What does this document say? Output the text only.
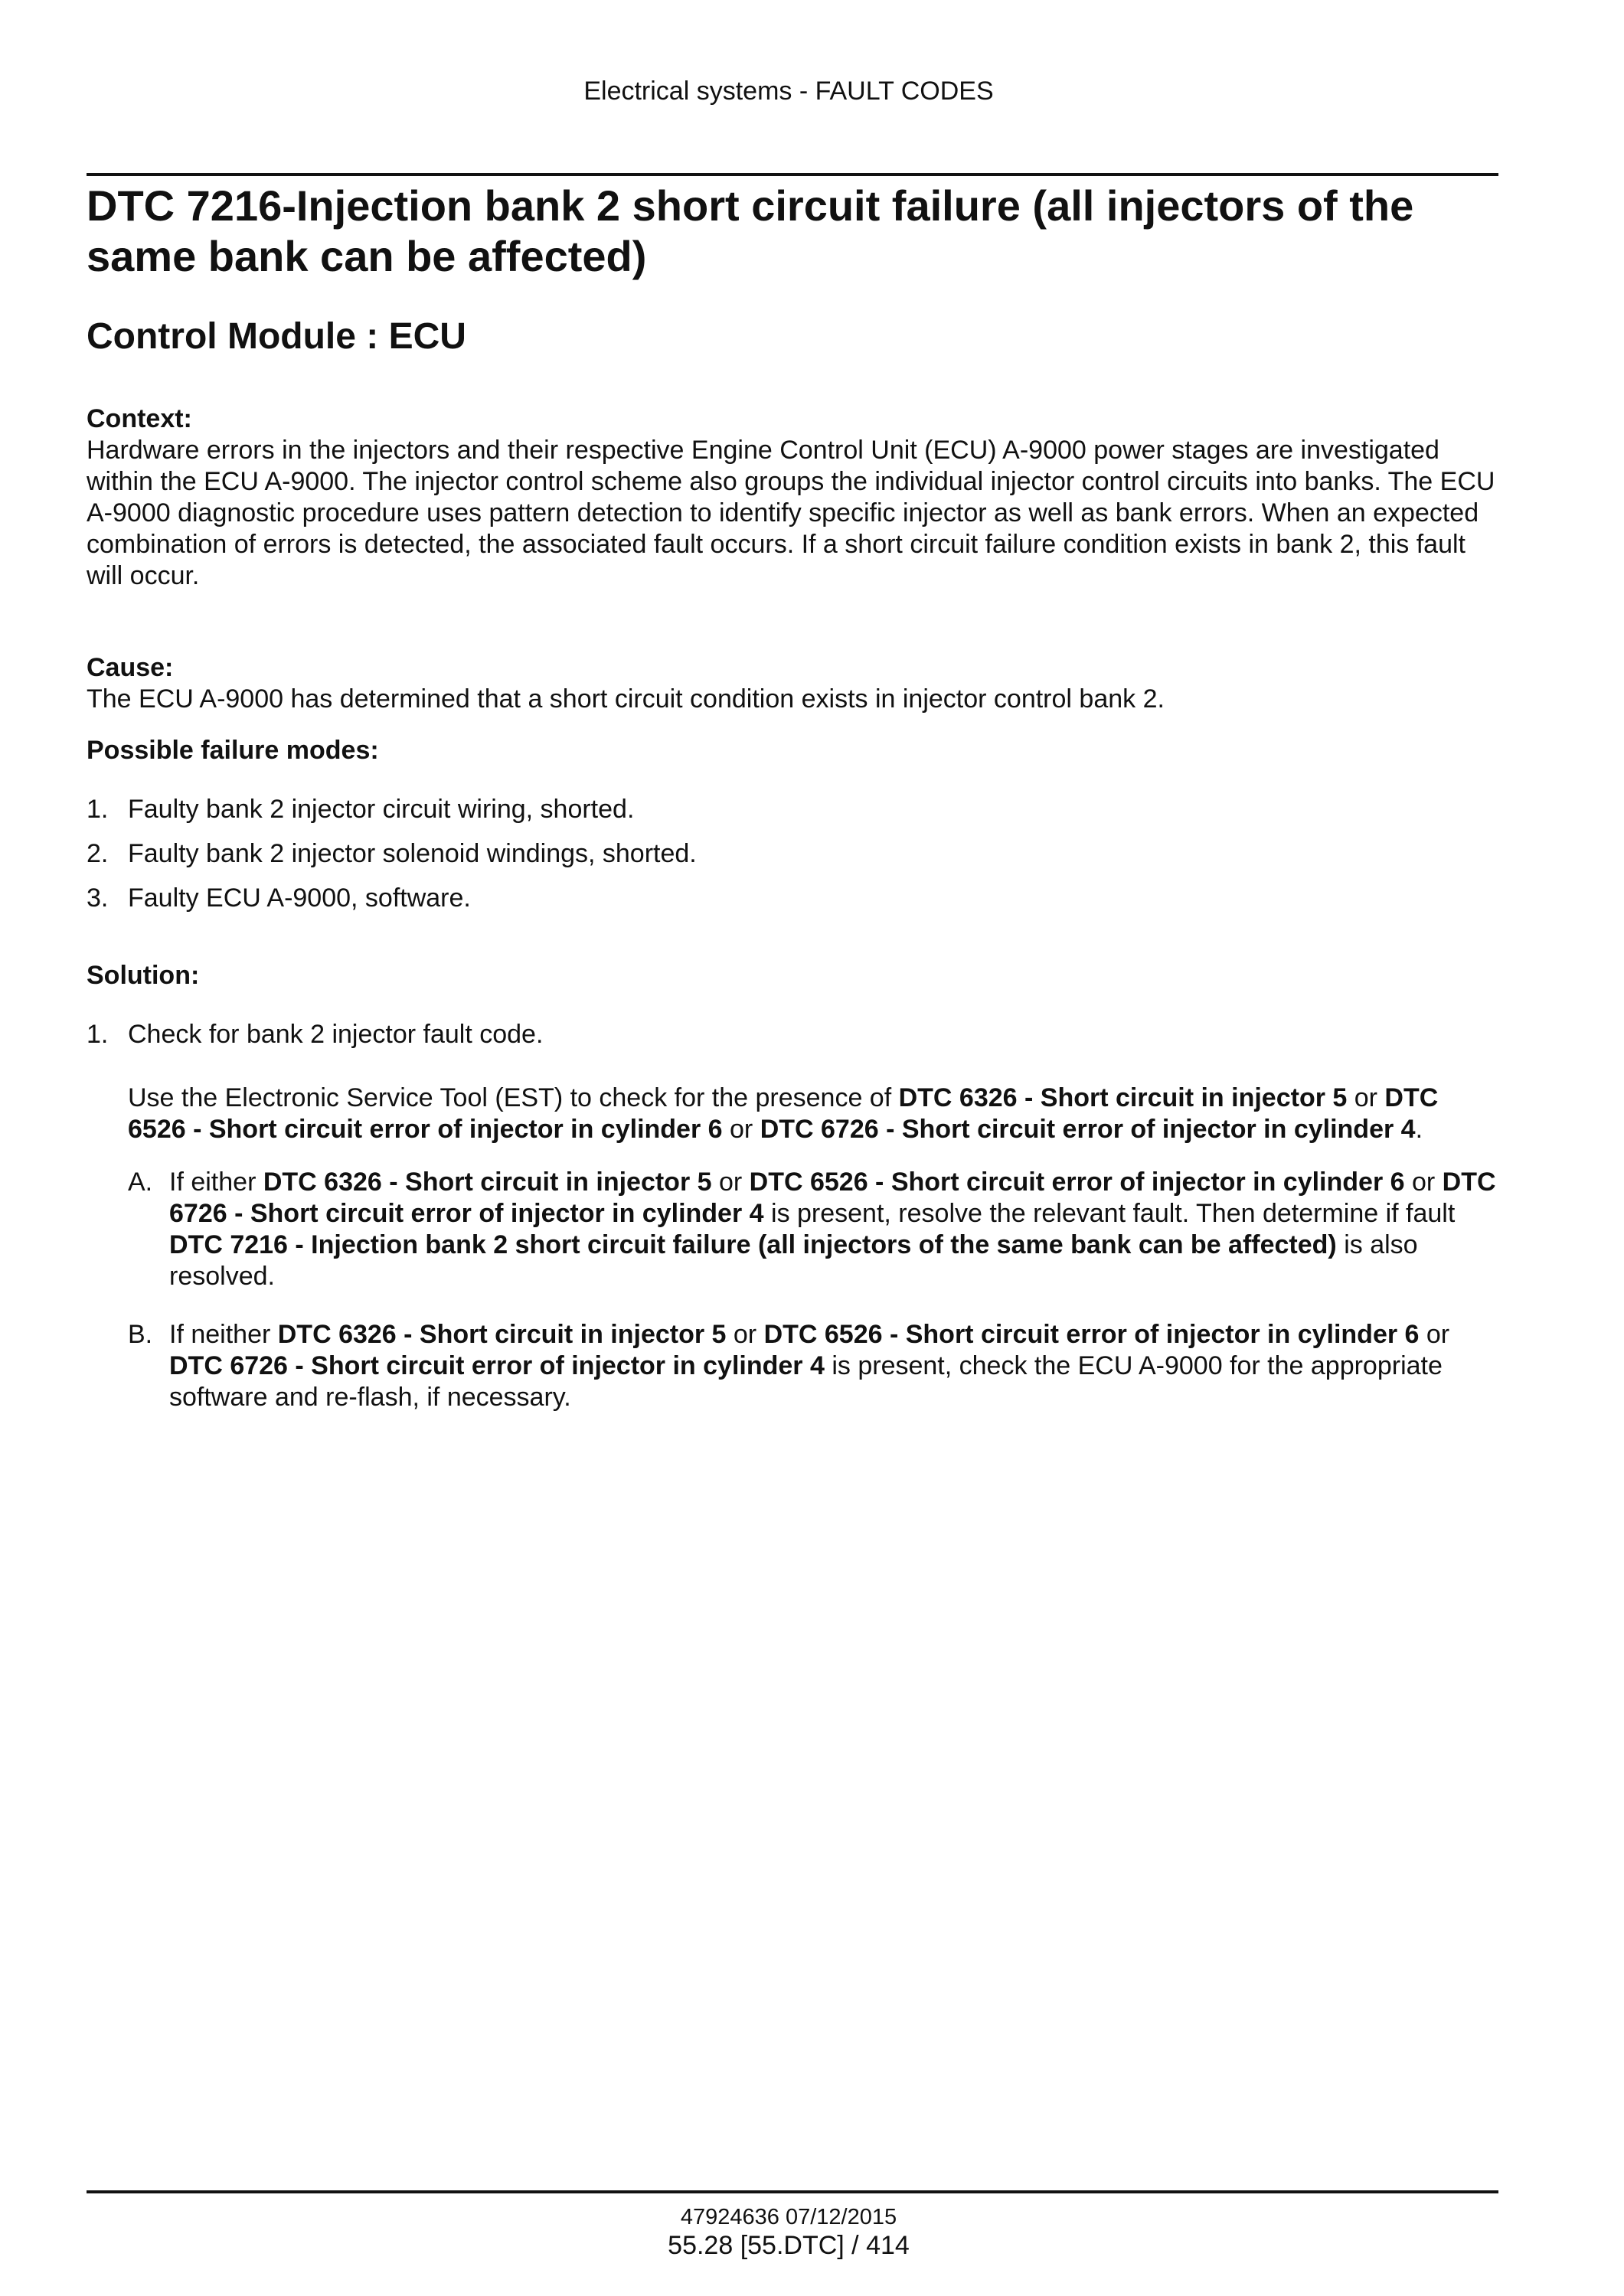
Electrical systems - FAULT CODES
DTC 7216-Injection bank 2 short circuit failure (all injectors of the same bank can be affected)
Control Module : ECU
Context:

Hardware errors in the injectors and their respective Engine Control Unit (ECU) A-9000 power stages are investigated within the ECU A-9000. The injector control scheme also groups the individual injector control circuits into banks. The ECU A-9000 diagnostic procedure uses pattern detection to identify specific injector as well as bank errors. When an expected combination of errors is detected, the associated fault occurs. If a short circuit failure condition exists in bank 2, this fault will occur.

Cause:

The ECU A-9000 has determined that a short circuit condition exists in injector control bank 2.

Possible failure modes:
1. Faulty bank 2 injector circuit wiring, shorted.
2. Faulty bank 2 injector solenoid windings, shorted.
3. Faulty ECU A-9000, software.
Solution:
1. Check for bank 2 injector fault code.

Use the Electronic Service Tool (EST) to check for the presence of DTC 6326 - Short circuit in injector 5 or DTC 6526 - Short circuit error of injector in cylinder 6 or DTC 6726 - Short circuit error of injector in cylinder 4.

A. If either DTC 6326 - Short circuit in injector 5 or DTC 6526 - Short circuit error of injector in cylinder 6 or DTC 6726 - Short circuit error of injector in cylinder 4 is present, resolve the relevant fault. Then determine if fault DTC 7216 - Injection bank 2 short circuit failure (all injectors of the same bank can be affected) is also resolved.

B. If neither DTC 6326 - Short circuit in injector 5 or DTC 6526 - Short circuit error of injector in cylinder 6 or DTC 6726 - Short circuit error of injector in cylinder 4 is present, check the ECU A-9000 for the appropriate software and re-flash, if necessary.

47924636 07/12/2015
55.28 [55.DTC] / 414
